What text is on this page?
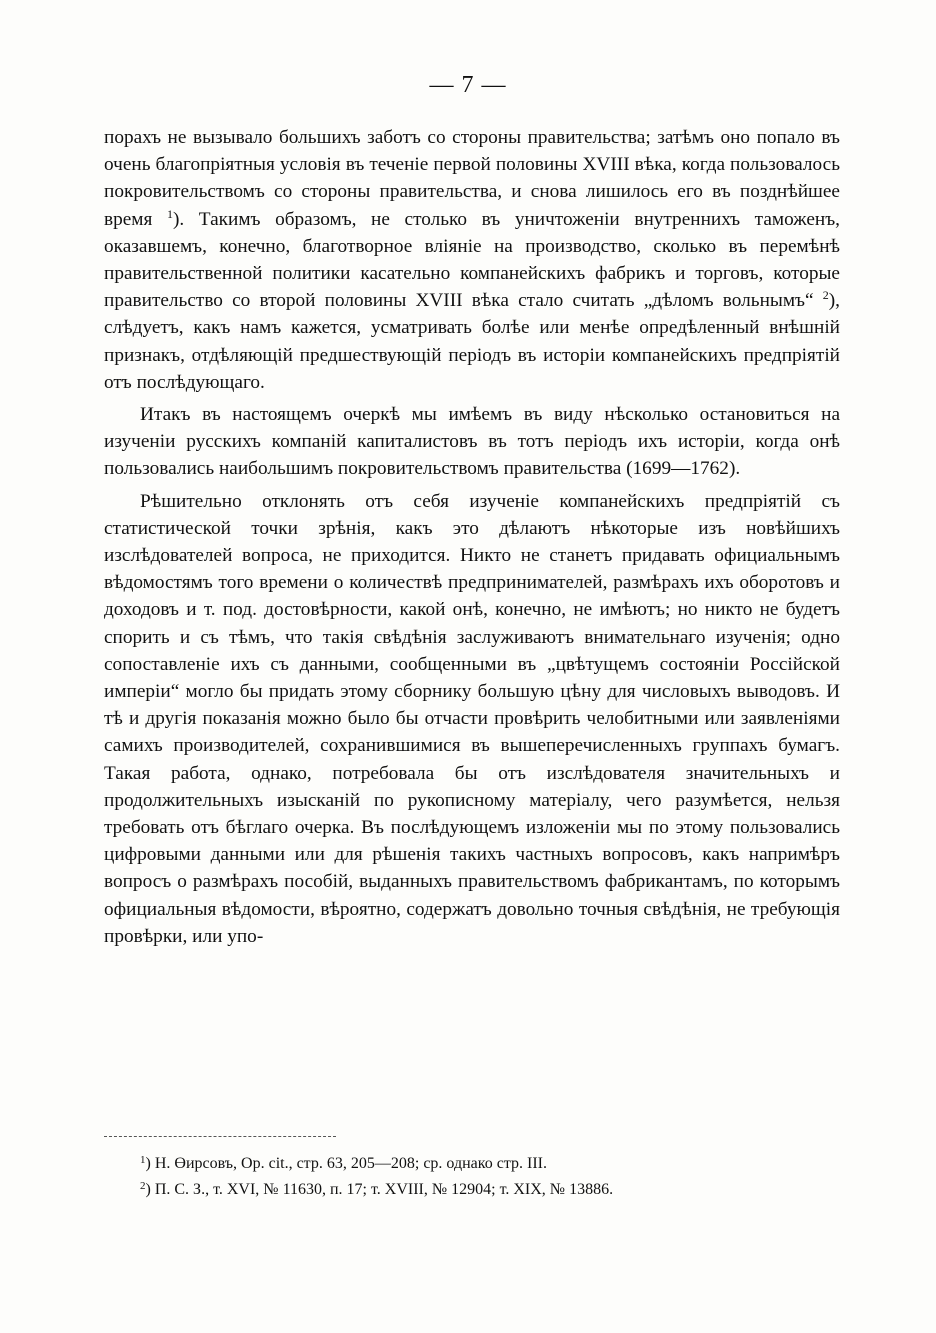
— 7 —

порахъ не вызывало большихъ заботъ со стороны правительства; затѣмъ оно попало въ очень благопріятныя условія въ теченіе первой половины XVIII вѣка, когда пользовалось покровительствомъ со стороны правительства, и снова лишилось его въ позднѣйшее время $^1$). Такимъ образомъ, не столько въ уничтоженіи внутреннихъ таможенъ, оказавшемъ, конечно, благотворное вліяніе на производство, сколько въ перемѣнѣ правительственной политики касательно компанейскихъ фабрикъ и торговъ, которые правительство со второй половины XVIII вѣка стало считать „дѣломъ вольнымъ“ $^2$), слѣдуетъ, какъ намъ кажется, усматривать болѣе или менѣе опредѣленный внѣшній признакъ, отдѣляющій предшествующій періодъ въ исторіи компанейскихъ предпріятій отъ послѣдующаго.

Итакъ въ настоящемъ очеркѣ мы имѣемъ въ виду нѣсколько остановиться на изученіи русскихъ компаній капиталистовъ въ тотъ періодъ ихъ исторіи, когда онѣ пользовались наибольшимъ покровительствомъ правительства (1699—1762).

Рѣшительно отклонять отъ себя изученіе компанейскихъ предпріятій съ статистической точки зрѣнія, какъ это дѣлаютъ нѣкоторые изъ новѣйшихъ изслѣдователей вопроса, не приходится. Никто не станетъ придавать официальнымъ вѣдомостямъ того времени о количествѣ предпринимателей, размѣрахъ ихъ оборотовъ и доходовъ и т. под. достовѣрности, какой онѣ, конечно, не имѣютъ; но никто не будетъ спорить и съ тѣмъ, что такія свѣдѣнія заслуживаютъ внимательнаго изученія; одно сопоставленіе ихъ съ данными, сообщенными въ „цвѣтущемъ состояніи Россійской имперіи“ могло бы придать этому сборнику большую цѣну для числовыхъ выводовъ. И тѣ и другія показанія можно было бы отчасти провѣрить челобитными или заявленіями самихъ производителей, сохранившимися въ вышеперечисленныхъ группахъ бумагъ. Такая работа, однако, потребовала бы отъ изслѣдователя значительныхъ и продолжительныхъ изысканій по рукописному матеріалу, чего разумѣется, нельзя требовать отъ бѣглаго очерка. Въ послѣдующемъ изложеніи мы по этому пользовались цифровыми данными или для рѣшенія такихъ частныхъ вопросовъ, какъ напримѣръ вопросъ о размѣрахъ пособій, выданныхъ правительствомъ фабрикантамъ, по которымъ официальныя вѣдомости, вѣроятно, содержатъ довольно точныя свѣдѣнія, не требующія провѣрки, или упо-

$^1$) Н. Өирсовъ, Op. cit., стр. 63, 205—208; ср. однако стр. III.

$^2$) П. С. З., т. XVI, № 11630, п. 17; т. XVIII, № 12904; т. XIX, № 13886.
